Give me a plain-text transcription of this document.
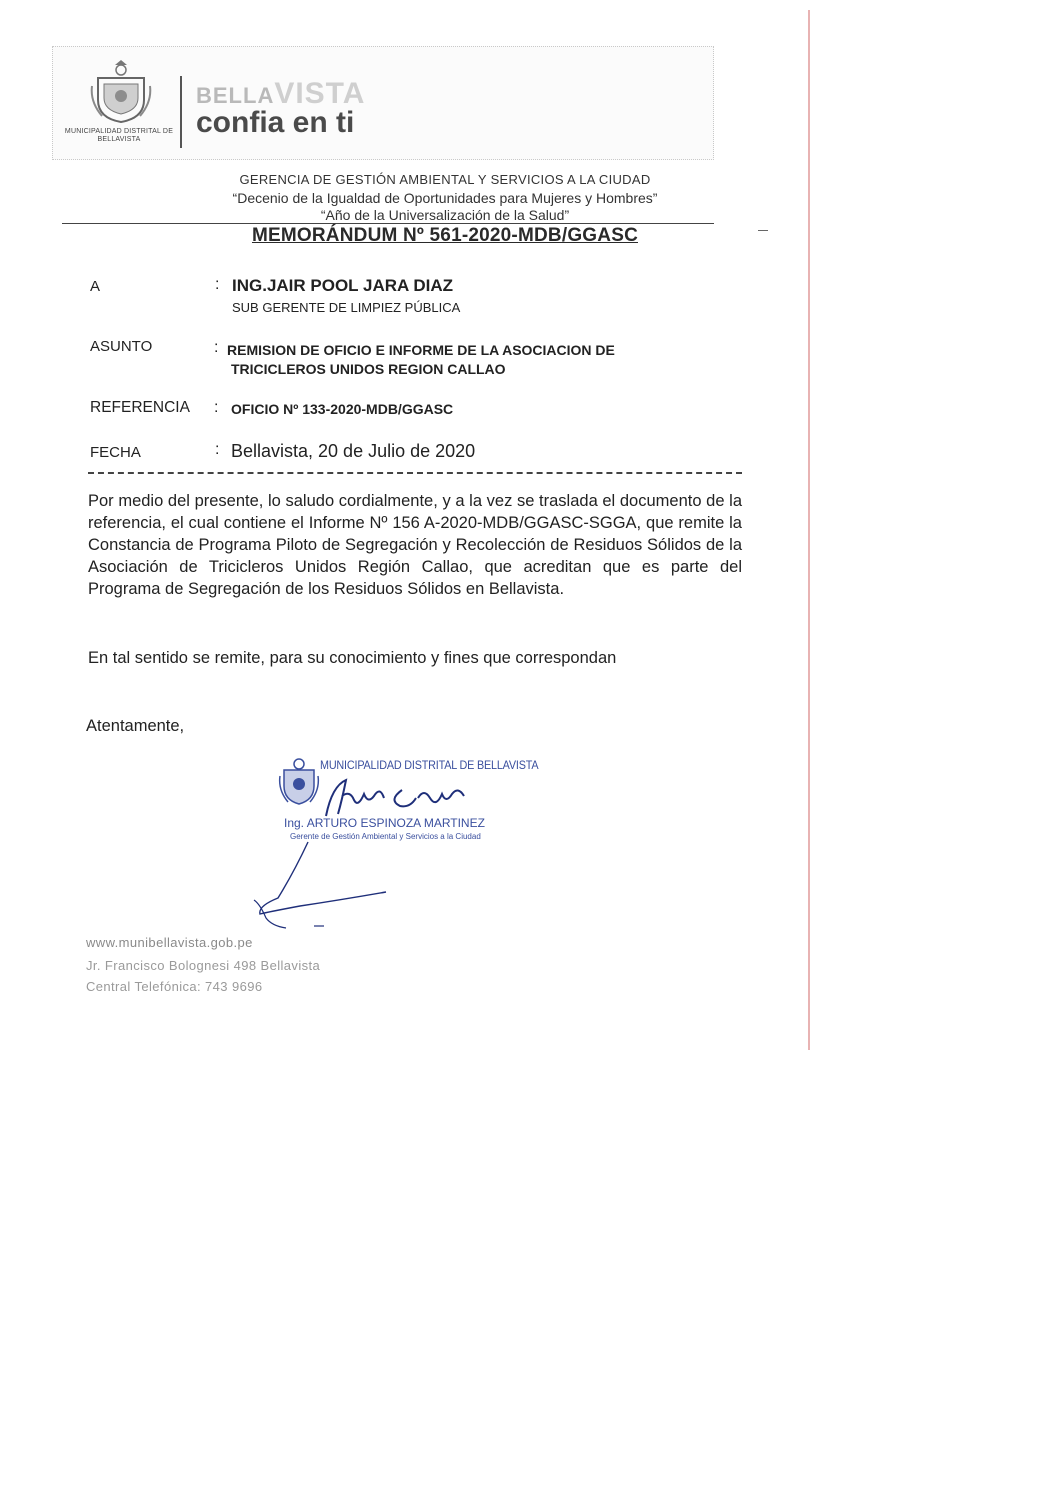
MUNICIPALIDAD DISTRITAL DE BELLAVISTA
BELLAVISTA
confia en ti
GERENCIA DE GESTIÓN AMBIENTAL Y SERVICIOS A LA CIUDAD
“Decenio de la Igualdad de Oportunidades para Mujeres y Hombres”
“Año de la Universalización de la Salud”
MEMORÁNDUM Nº 561-2020-MDB/GGASC
A	: ING.JAIR POOL JARA DIAZ
SUB GERENTE DE LIMPIEZ PÚBLICA
ASUNTO	: REMISION DE OFICIO E INFORME DE LA ASOCIACION DE
TRICICLEROS UNIDOS REGION CALLAO
REFERENCIA : OFICIO Nº 133-2020-MDB/GGASC
FECHA	: Bellavista, 20 de Julio de 2020
Por medio del presente, lo saludo cordialmente, y a la vez se traslada el documento de la referencia, el cual contiene el Informe Nº 156 A-2020-MDB/GGASC-SGGA, que remite la Constancia de Programa Piloto de Segregación y Recolección de Residuos Sólidos de la Asociación de Tricicleros Unidos Región Callao, que acreditan que es parte del Programa de Segregación de los Residuos Sólidos en Bellavista.
En tal sentido se remite, para su conocimiento y fines que correspondan
Atentamente,
MUNICIPALIDAD DISTRITAL DE BELLAVISTA
Ing. ARTURO ESPINOZA MARTINEZ
Gerente de Gestión Ambiental y Servicios a la Ciudad
www.munibellavista.gob.pe
Jr. Francisco Bolognesi 498 Bellavista
Central Telefónica: 743 9696
